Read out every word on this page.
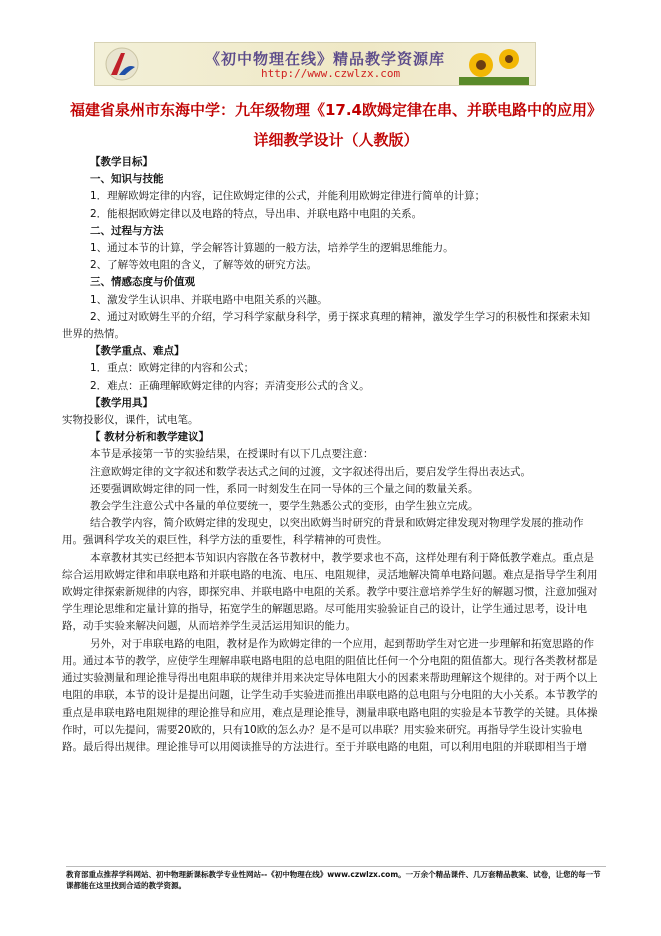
《初中物理在线》精品教学资源库
http://www.czwlzx.com
福建省泉州市东海中学：九年级物理《17.4欧姆定律在串、并联电路中的应用》详细教学设计（人教版）

【教学目标】

一、知识与技能

1．理解欧姆定律的内容，记住欧姆定律的公式，并能利用欧姆定律进行简单的计算；

2．能根据欧姆定律以及电路的特点，导出串、并联电路中电阻的关系。

二、过程与方法

1、通过本节的计算，学会解答计算题的一般方法，培养学生的逻辑思维能力。

2、了解等效电阻的含义，了解等效的研究方法。

三、情感态度与价值观

1、激发学生认识串、并联电路中电阻关系的兴趣。

2、通过对欧姆生平的介绍，学习科学家献身科学，勇于探求真理的精神，激发学生学习的积极性和探索未知世界的热情。

【教学重点、难点】

1．重点：欧姆定律的内容和公式；

2．难点：正确理解欧姆定律的内容；弄清变形公式的含义。

【教学用具】

实物投影仪，课件，试电笔。

【 教材分析和教学建议】

本节是承接第一节的实验结果，在授课时有以下几点要注意：

注意欧姆定律的文字叙述和数学表达式之间的过渡，文字叙述得出后，要启发学生得出表达式。

还要强调欧姆定律的同一性，系同一时刻发生在同一导体的三个量之间的数量关系。

教会学生注意公式中各量的单位要统一，要学生熟悉公式的变形，由学生独立完成。

结合教学内容，简介欧姆定律的发现史，以突出欧姆当时研究的背景和欧姆定律发现对物理学发展的推动作用。强调科学攻关的艰巨性，科学方法的重要性，科学精神的可贵性。

本章教材其实已经把本节知识内容散在各节教材中，教学要求也不高，这样处理有利于降低教学难点。重点是综合运用欧姆定律和串联电路和并联电路的电流、电压、电阻规律，灵活地解决简单电路问题。难点是指导学生利用欧姆定律探索新规律的内容，即探究串、并联电路中电阻的关系。教学中要注意培养学生好的解题习惯，注意加强对学生理论思维和定量计算的指导，拓宽学生的解题思路。尽可能用实验验证自己的设计，让学生通过思考，设计电路，动手实验来解决问题，从而培养学生灵活运用知识的能力。

另外，对于串联电路的电阻，教材是作为欧姆定律的一个应用，起到帮助学生对它进一步理解和拓宽思路的作用。通过本节的教学，应使学生理解串联电路电阻的总电阻的阻值比任何一个分电阻的阻值都大。现行各类教材都是通过实验测量和理论推导得出电阻串联的规律并用来决定导体电阻大小的因素来帮助理解这个规律的。对于两个以上电阻的串联，本节的设计是提出问题，让学生动手实验进而推出串联电路的总电阻与分电阻的大小关系。本节教学的重点是串联电路电阻规律的理论推导和应用，难点是理论推导，测量串联电路电阻的实验是本节教学的关键。具体操作时，可以先提问，需要20欧的，只有10欧的怎么办？是不是可以串联？用实验来研究。再指导学生设计实验电路。最后得出规律。理论推导可以用阅读推导的方法进行。至于并联电路的电阻，可以利用电阻的并联即相当于增

教育部重点推荐学科网站、初中物理新课标教学专业性网站--《初中物理在线》www.czwlzx.com。一万余个精品课件、几万套精品教案、试卷，让您的每一节课都能在这里找到合适的教学资源。
